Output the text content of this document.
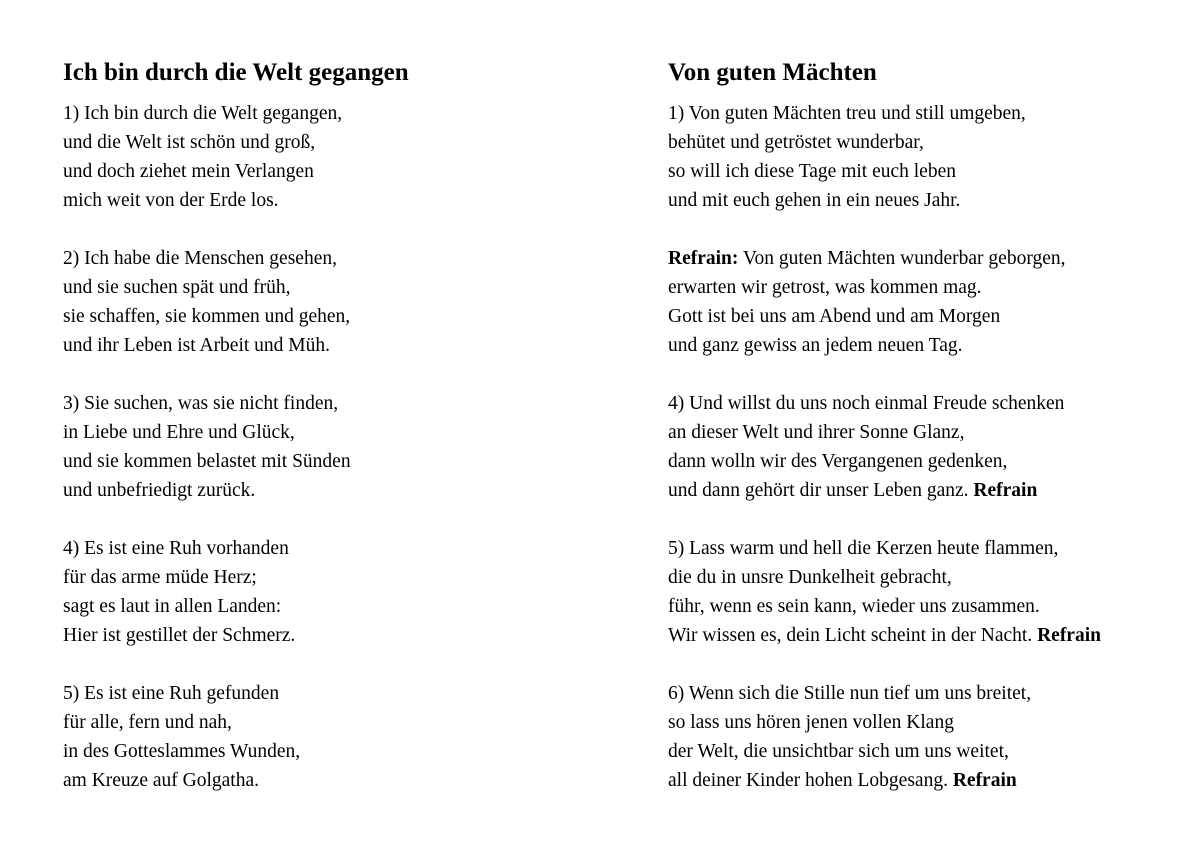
Ich bin durch die Welt gegangen
1) Ich bin durch die Welt gegangen,
und die Welt ist schön und groß,
und doch ziehet mein Verlangen
mich weit von der Erde los.
2) Ich habe die Menschen gesehen,
und sie suchen spät und früh,
sie schaffen, sie kommen und gehen,
und ihr Leben ist Arbeit und Müh.
3) Sie suchen, was sie nicht finden,
in Liebe und Ehre und Glück,
und sie kommen belastet mit Sünden
und unbefriedigt zurück.
4) Es ist eine Ruh vorhanden
für das arme müde Herz;
sagt es laut in allen Landen:
Hier ist gestillet der Schmerz.
5) Es ist eine Ruh gefunden
für alle, fern und nah,
in des Gotteslammes Wunden,
am Kreuze auf Golgatha.
Von guten Mächten
1) Von guten Mächten treu und still umgeben,
behütet und getröstet wunderbar,
so will ich diese Tage mit euch leben
und mit euch gehen in ein neues Jahr.
Refrain: Von guten Mächten wunderbar geborgen,
erwarten wir getrost, was kommen mag.
Gott ist bei uns am Abend und am Morgen
und ganz gewiss an jedem neuen Tag.
4) Und willst du uns noch einmal Freude schenken
an dieser Welt und ihrer Sonne Glanz,
dann wolln wir des Vergangenen gedenken,
und dann gehört dir unser Leben ganz. Refrain
5) Lass warm und hell die Kerzen heute flammen,
die du in unsre Dunkelheit gebracht,
führ, wenn es sein kann, wieder uns zusammen.
Wir wissen es, dein Licht scheint in der Nacht. Refrain
6) Wenn sich die Stille nun tief um uns breitet,
so lass uns hören jenen vollen Klang
der Welt, die unsichtbar sich um uns weitet,
all deiner Kinder hohen Lobgesang. Refrain
